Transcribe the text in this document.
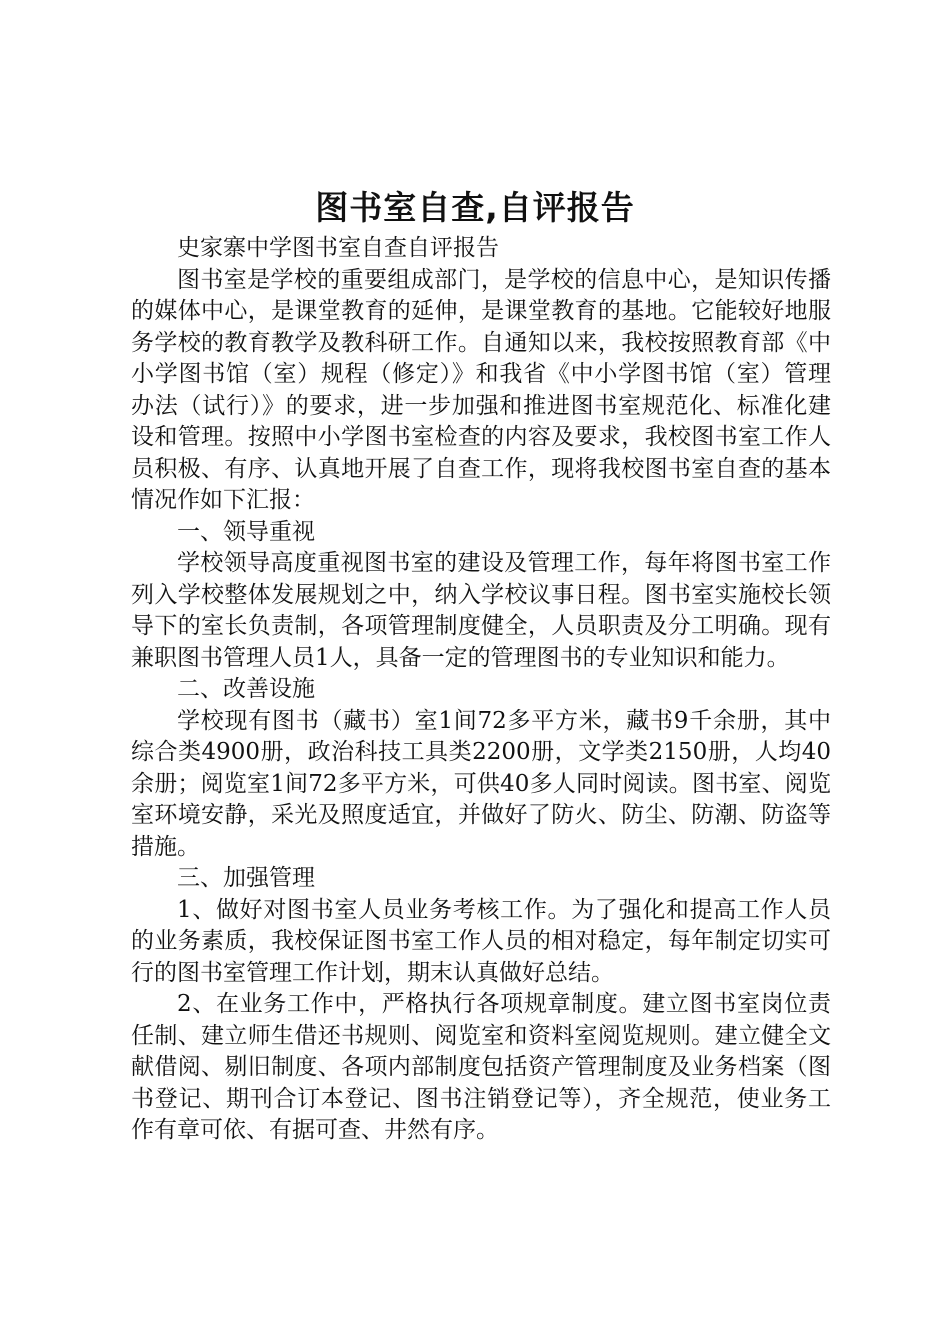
图书室自查,自评报告

史家寨中学图书室自查自评报告

图书室是学校的重要组成部门，是学校的信息中心，是知识传播的媒体中心，是课堂教育的延伸，是课堂教育的基地。它能较好地服务学校的教育教学及教科研工作。自通知以来，我校按照教育部《中小学图书馆（室）规程（修定）》和我省《中小学图书馆（室）管理办法（试行）》的要求，进一步加强和推进图书室规范化、标准化建设和管理。按照中小学图书室检查的内容及要求，我校图书室工作人员积极、有序、认真地开展了自查工作，现将我校图书室自查的基本情况作如下汇报：

一、领导重视

学校领导高度重视图书室的建设及管理工作，每年将图书室工作列入学校整体发展规划之中，纳入学校议事日程。图书室实施校长领导下的室长负责制，各项管理制度健全，人员职责及分工明确。现有兼职图书管理人员1人，具备一定的管理图书的专业知识和能力。

二、改善设施

学校现有图书（藏书）室1间72多平方米，藏书9千余册，其中综合类4900册，政治科技工具类2200册，文学类2150册，人均40余册；阅览室1间72多平方米，可供40多人同时阅读。图书室、阅览室环境安静，采光及照度适宜，并做好了防火、防尘、防潮、防盗等措施。

三、加强管理

1、做好对图书室人员业务考核工作。为了强化和提高工作人员的业务素质，我校保证图书室工作人员的相对稳定，每年制定切实可行的图书室管理工作计划，期末认真做好总结。

2、在业务工作中，严格执行各项规章制度。建立图书室岗位责任制、建立师生借还书规则、阅览室和资料室阅览规则。建立健全文献借阅、剔旧制度、各项内部制度包括资产管理制度及业务档案（图书登记、期刊合订本登记、图书注销登记等），齐全规范，使业务工作有章可依、有据可查、井然有序。
